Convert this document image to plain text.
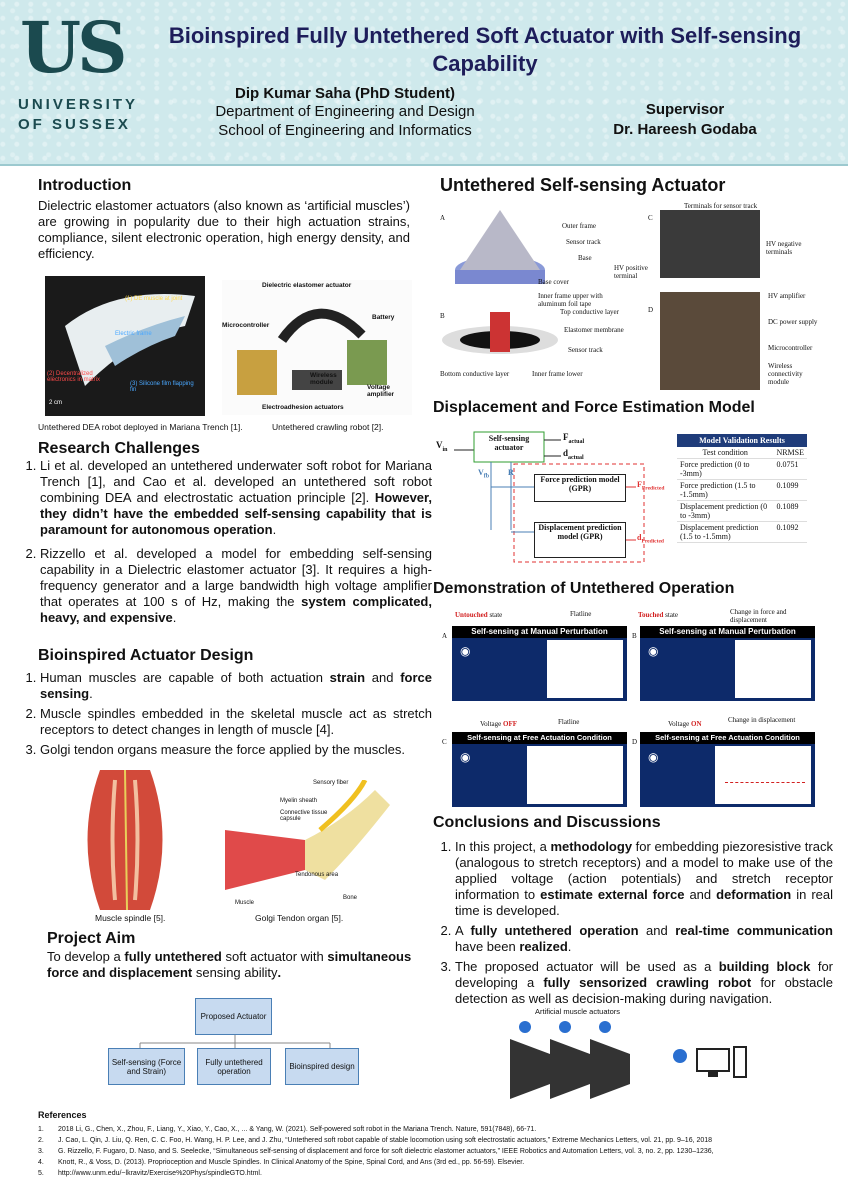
US
UNIVERSITY
OF SUSSEX
Bioinspired Fully Untethered Soft Actuator with Self-sensing Capability
Dip Kumar Saha (PhD Student)
Department of Engineering and Design
School of Engineering and Informatics
Supervisor
Dr. Hareesh Godaba
Introduction

Dielectric elastomer actuators (also known as ‘artificial muscles’) are growing in popularity due to their high actuation strains, compliance, silent electronic operation, high energy density, and efficiency.

(1) DE muscle at joint
Electric frame
(2) Decentralized electronics in matrix
(3) Silicone film flapping fin
2 cm
Dielectric elastomer actuator
Microcontroller
Battery
Wireless module
Voltage amplifier
Electroadhesion actuators
Untethered DEA robot deployed in Mariana Trench [1].	Untethered crawling robot [2].
Research Challenges
1. Li et al. developed an untethered underwater soft robot for Mariana Trench [1], and Cao et al. developed an untethered soft robot combining DEA and electrostatic actuation principle [2]. However, they didn’t have the embedded self-sensing capability that is paramount for autonomous operation.
2. Rizzello et al. developed a model for embedding self-sensing capability in a Dielectric elastomer actuator [3]. It requires a high-frequency generator and a large bandwidth high voltage amplifier that operates at 100 s of Hz, making the system complicated, heavy, and expensive.
Bioinspired Actuator Design
1. Human muscles are capable of both actuation strain and force sensing.
2. Muscle spindles embedded in the skeletal muscle act as stretch receptors to detect changes in length of muscle [4].
3. Golgi tendon organs measure the force applied by the muscles.
Sensory fiber
Myelin sheath
Connective tissue capsule
Tendonous area
Muscle
Bone
Muscle spindle [5].	Golgi Tendon organ [5].
Project Aim

To develop a fully untethered soft actuator with simultaneous force and displacement sensing ability.

Proposed Actuator
Self-sensing (Force and Strain)
Fully untethered operation	Bioinspired design
Untethered Self-sensing Actuator
A
Outer frame
Sensor track
Base
Base cover
B
Inner frame upper with aluminum foil tape
Top conductive layer
Elastomer membrane
Sensor track
Bottom conductive layer	Inner frame lower
C
Terminals for sensor track
HV negative terminals
HV positive terminal
D
HV amplifier
DC power supply
Microcontroller
Wireless connectivity module
Displacement and Force Estimation Model
$V_{in}$
Self-sensing actuator
$F_{actual}$
$d_{actual}$
$V_{fb}$ R
Force prediction model (GPR)
Displacement prediction model (GPR)
$F_{Predicted}$
$d_{Predicted}$
Model Validation Results	
Test condition	NRMSE
Force prediction (0 to -3mm)	0.0751
Force prediction (1.5 to -1.5mm)	0.1099
Displacement prediction (0 to -3mm)	0.1089
Displacement prediction (1.5 to -1.5mm)	0.1092
Demonstration of Untethered Operation
Untouched state	Flatline	Touched state	Change in force and displacement
A	Self-sensing at Manual Perturbation
◉
B	Self-sensing at Manual Perturbation
◉
Voltage OFF	Flatline	Voltage ON	Change in displacement
C	Self-sensing at Free Actuation Condition
◉
D	Self-sensing at Free Actuation Condition
◉
Conclusions and Discussions
1. In this project, a methodology for embedding piezoresistive track (analogous to stretch receptors) and a model to make use of the applied voltage (action potentials) and stretch receptor information to estimate external force and deformation in real time is developed.
2. A fully untethered operation and real-time communication have been realized.
3. The proposed actuator will be used as a building block for developing a fully sensorized crawling robot for obstacle detection as well as decision-making during navigation.
Artificial muscle actuators
References
1. 2018 Li, G., Chen, X., Zhou, F., Liang, Y., Xiao, Y., Cao, X., ... & Yang, W. (2021). Self-powered soft robot in the Mariana Trench. Nature, 591(7848), 66-71.
2. J. Cao, L. Qin, J. Liu, Q. Ren, C. C. Foo, H. Wang, H. P. Lee, and J. Zhu, “Untethered soft robot capable of stable locomotion using soft electrostatic actuators,” Extreme Mechanics Letters, vol. 21, pp. 9–16, 2018
3. G. Rizzello, F. Fugaro, D. Naso, and S. Seelecke, “Simultaneous self-sensing of displacement and force for soft dielectric elastomer actuators,” IEEE Robotics and Automation Letters, vol. 3, no. 2, pp. 1230–1236,
4. Knott, R., & Voss, D. (2013). Proprioception and Muscle Spindles. In Clinical Anatomy of the Spine, Spinal Cord, and Ans (3rd ed., pp. 56-59). Elsevier.
5. http://www.unm.edu/~lkravitz/Exercise%20Phys/spindleGTO.html.
